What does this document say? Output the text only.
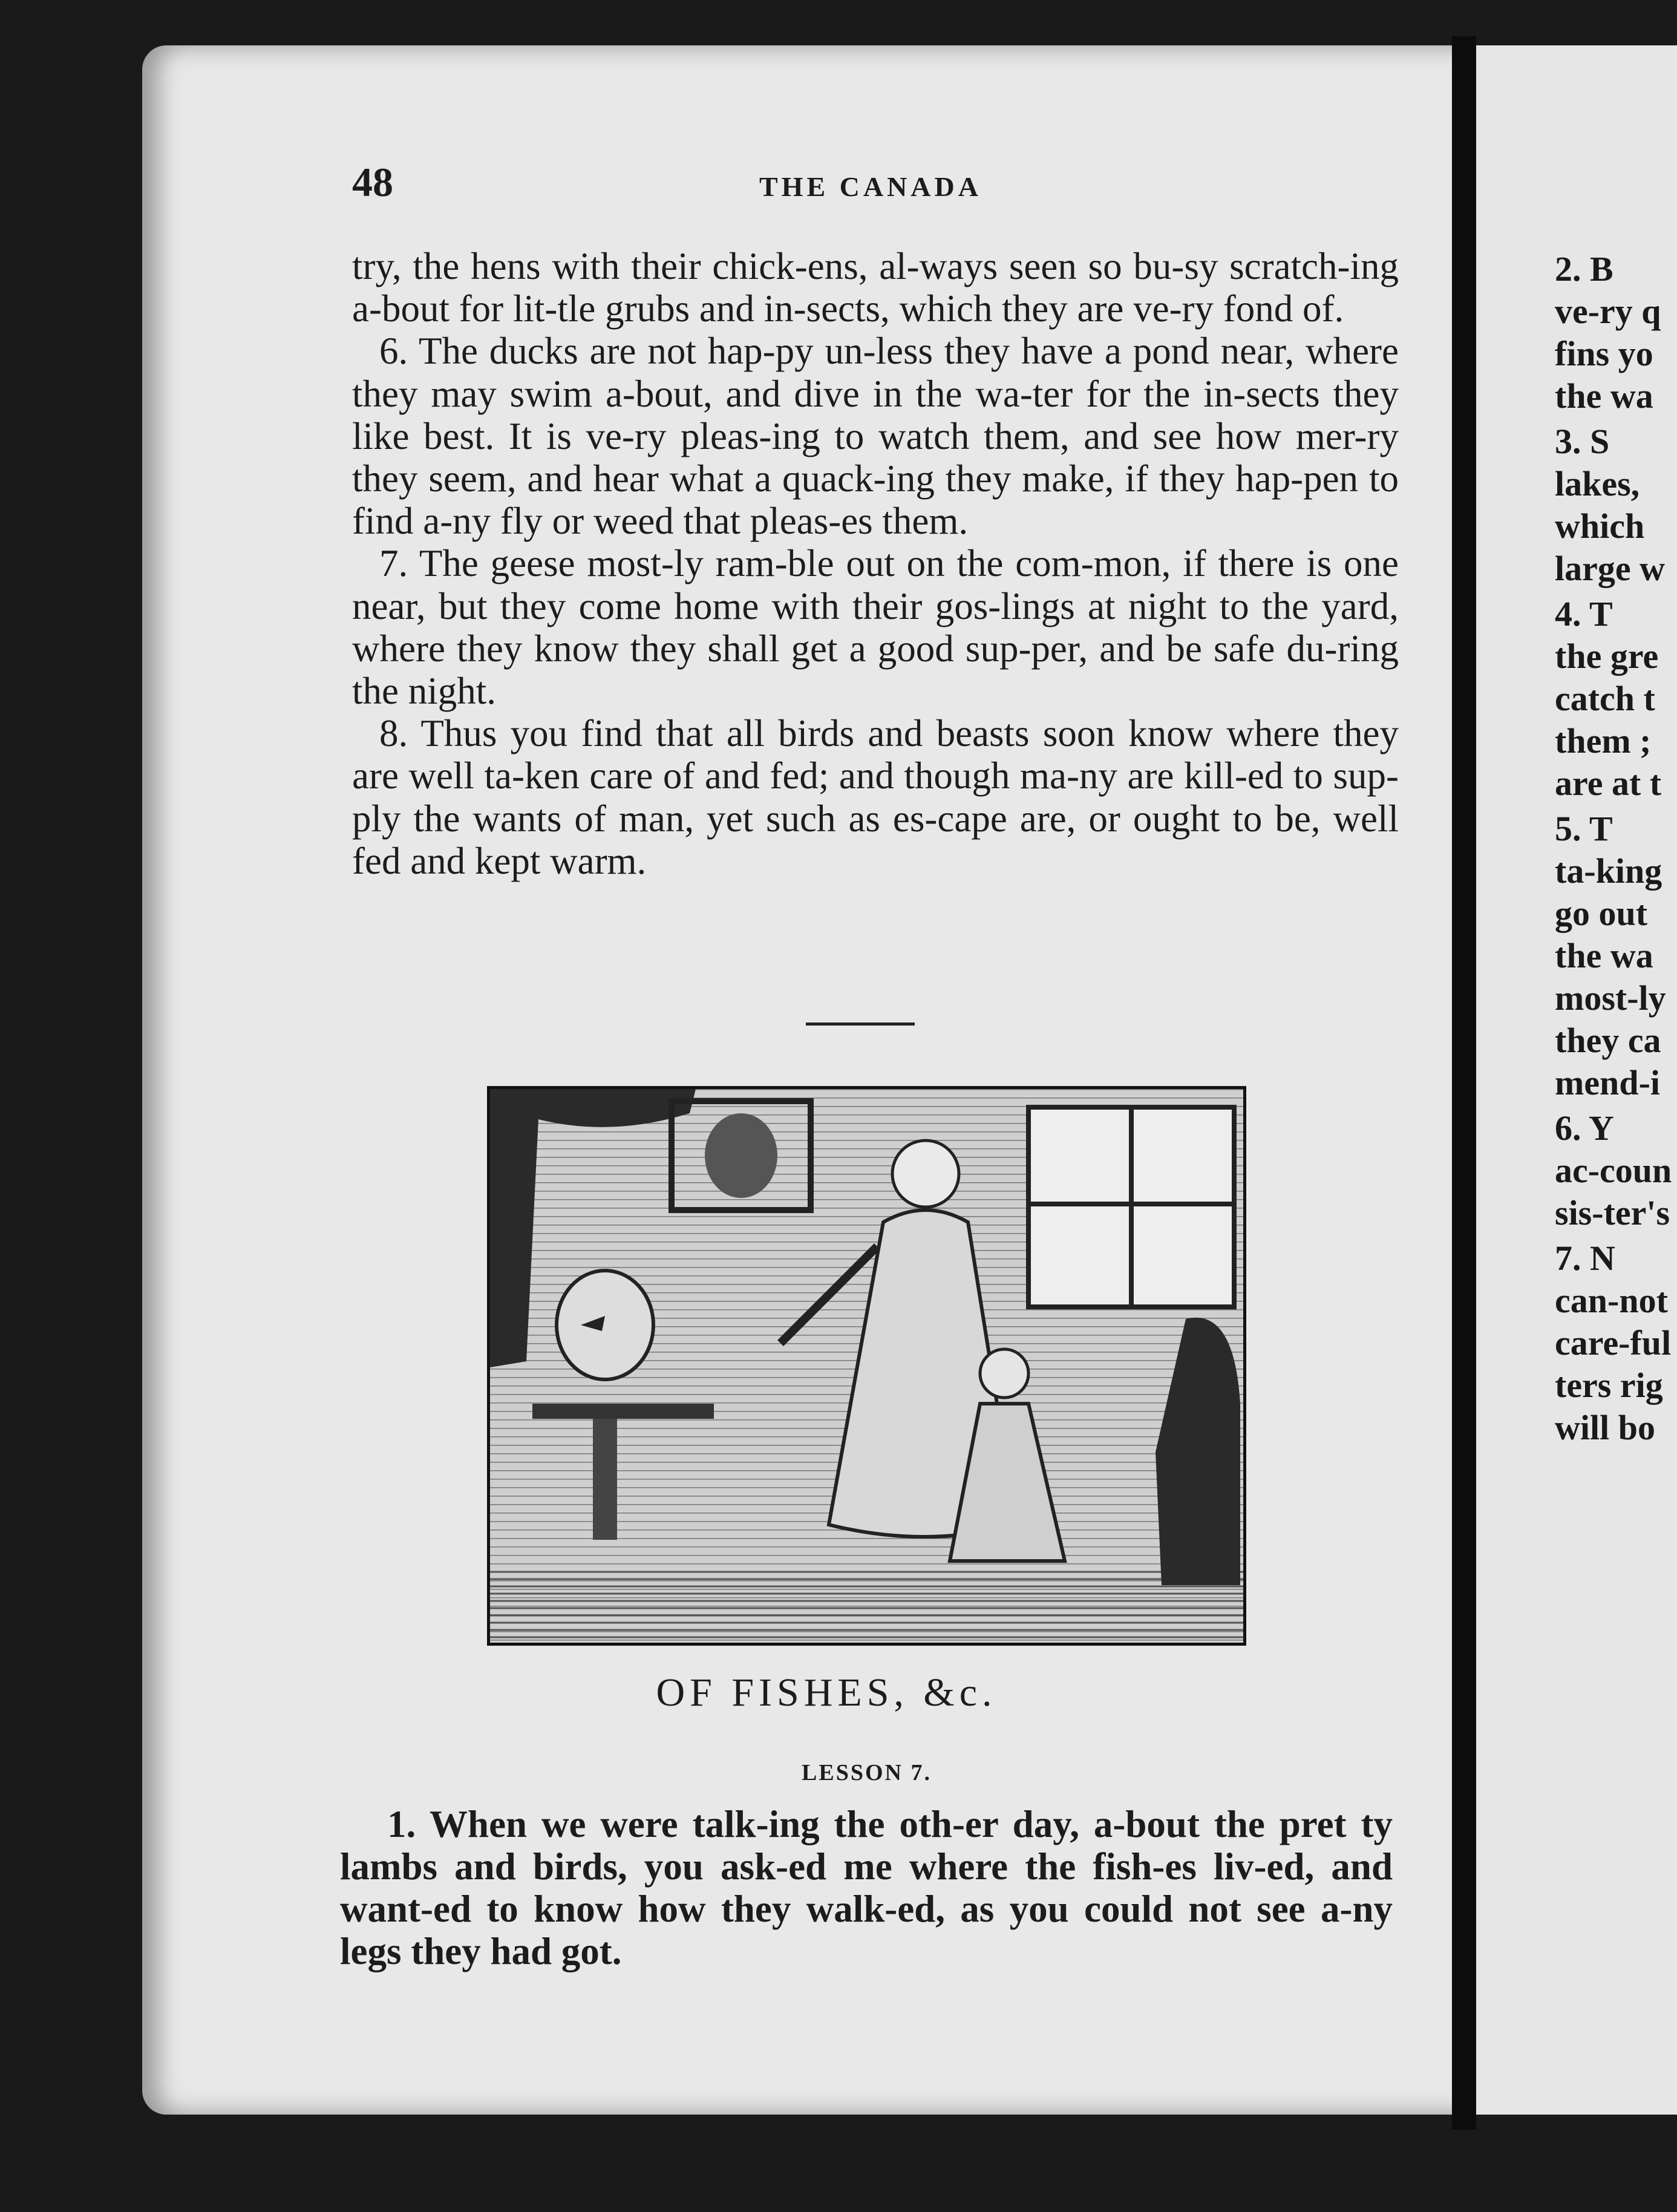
2. B
ve-ry q
fins yo
the wa
3. S
lakes,
which
large w
4. T
the gre
catch t
them ;
are at t
5. T
ta-king
go out
the wa
most-ly
they ca
mend-i
6. Y
ac-coun
sis-ter's
7. N
can-not
care-ful
ters rig
will bo
48	THE CANADA

try, the hens with their chick-ens, al-ways seen so bu-sy scratch-ing a-bout for lit-tle grubs and in-sects, which they are ve-ry fond of.

6. The ducks are not hap-py un-less they have a pond near, where they may swim a-bout, and dive in the wa-ter for the in-sects they like best. It is ve-ry pleas-ing to watch them, and see how mer-ry they seem, and hear what a quack-ing they make, if they hap-pen to find a-ny fly or weed that pleas-es them.

7. The geese most-ly ram-ble out on the com-mon, if there is one near, but they come home with their gos-lings at night to the yard, where they know they shall get a good sup-per, and be safe du-ring the night.

8. Thus you find that all birds and beasts soon know where they are well ta-ken care of and fed; and though ma-ny are kill-ed to sup-ply the wants of man, yet such as es-cape are, or ought to be, well fed and kept warm.

OF FISHES, &c.
LESSON 7.

1. When we were talk-ing the oth-er day, a-bout the pret ty lambs and birds, you ask-ed me where the fish-es liv-ed, and want-ed to know how they walk-ed, as you could not see a-ny legs they had got.
